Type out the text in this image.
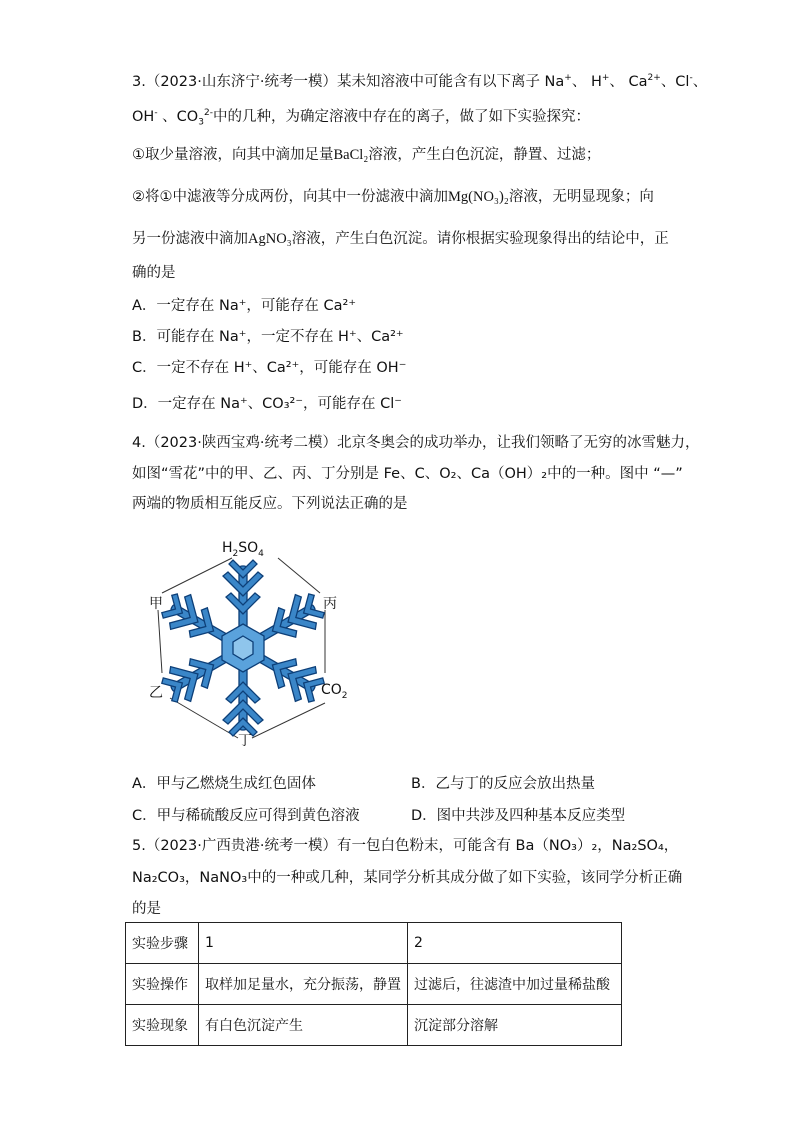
3.（2023·山东济宁·统考一模）某未知溶液中可能含有以下离子 Na+、 H+、 $Ca^{2+}$、Cl-、
OH- 、$CO_3^{2-}$中的几种，为确定溶液中存在的离子，做了如下实验探究：
①取少量溶液，向其中滴加足量BaCl₂溶液，产生白色沉淀，静置、过滤；
②将①中滤液等分成两份，向其中一份滤液中滴加Mg(NO₃)₂溶液，无明显现象；向
另一份滤液中滴加AgNO₃溶液，产生白色沉淀。请你根据实验现象得出的结论中，正
确的是
A．一定存在 Na⁺，可能存在 Ca²⁺
B．可能存在 Na⁺，一定不存在 H⁺、Ca²⁺
C．一定不存在 H⁺、Ca²⁺，可能存在 OH⁻
D．一定存在 Na⁺、CO₃²⁻，可能存在 Cl⁻
4.（2023·陕西宝鸡·统考二模）北京冬奥会的成功举办，让我们领略了无穷的冰雪魅力，
如图“雪花”中的甲、乙、丙、丁分别是 Fe、C、O₂、Ca（OH）₂中的一种。图中 “—”
两端的物质相互能反应。下列说法正确的是
$H_2SO_4$
甲	丙
乙	$CO_2$
丁
A．甲与乙燃烧生成红色固体	B．乙与丁的反应会放出热量
C．甲与稀硫酸反应可得到黄色溶液	D．图中共涉及四种基本反应类型
5.（2023·广西贵港·统考一模）有一包白色粉末，可能含有 Ba（NO₃）₂，Na₂SO₄，
Na₂CO₃，NaNO₃中的一种或几种，某同学分析其成分做了如下实验，该同学分析正确
的是
实验步骤	1	2
实验操作	取样加足量水，充分振荡，静置	过滤后，往滤渣中加过量稀盐酸
实验现象	有白色沉淀产生	沉淀部分溶解
